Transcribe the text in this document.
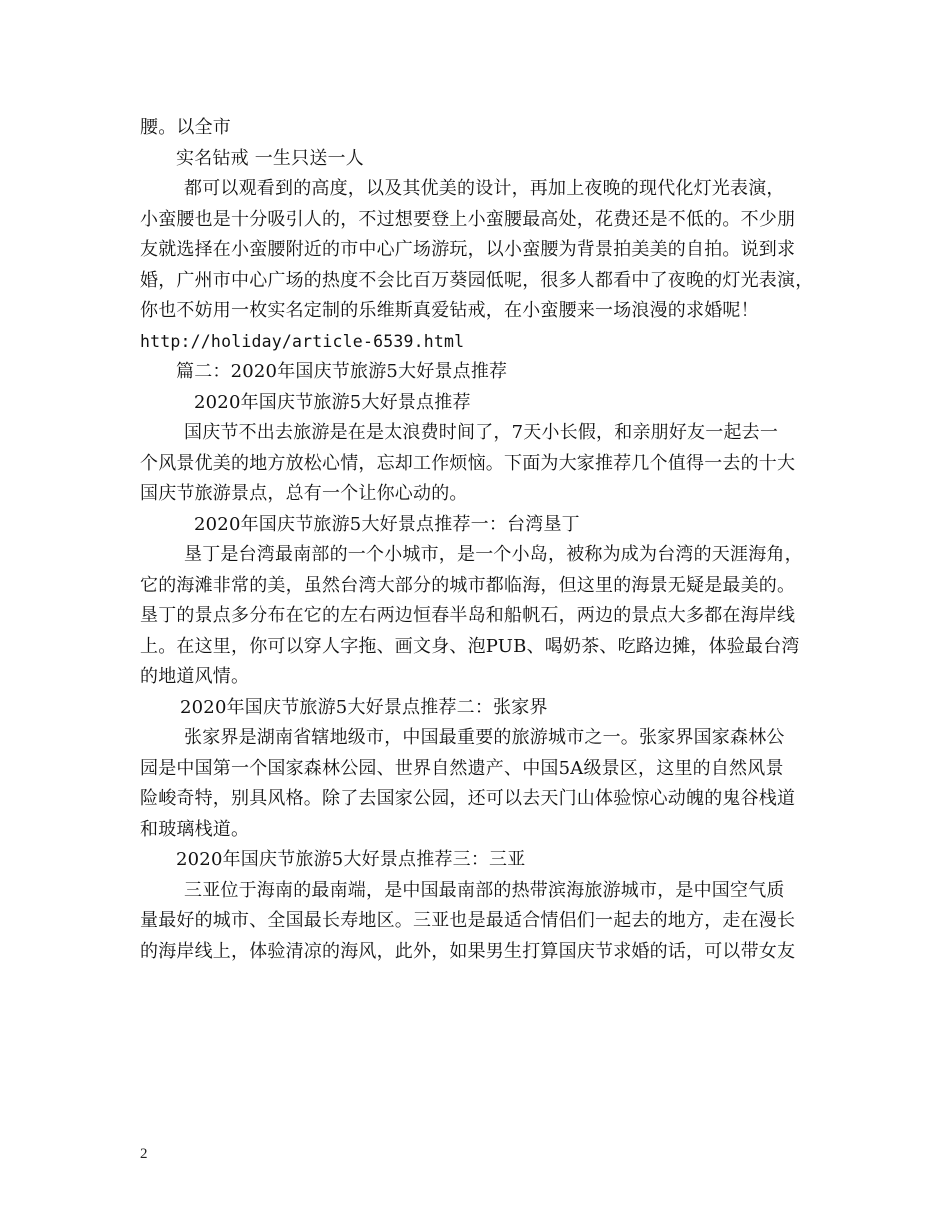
腰。以全市
实名钻戒 一生只送一人
都可以观看到的高度，以及其优美的设计，再加上夜晚的现代化灯光表演，
小蛮腰也是十分吸引人的，不过想要登上小蛮腰最高处，花费还是不低的。不少朋
友就选择在小蛮腰附近的市中心广场游玩，以小蛮腰为背景拍美美的自拍。说到求
婚，广州市中心广场的热度不会比百万葵园低呢，很多人都看中了夜晚的灯光表演，
你也不妨用一枚实名定制的乐维斯真爱钻戒，在小蛮腰来一场浪漫的求婚呢！
http://holiday/article-6539.html
篇二：2020年国庆节旅游5大好景点推荐
2020年国庆节旅游5大好景点推荐
国庆节不出去旅游是在是太浪费时间了，7天小长假，和亲朋好友一起去一
个风景优美的地方放松心情，忘却工作烦恼。下面为大家推荐几个值得一去的十大
国庆节旅游景点，总有一个让你心动的。
2020年国庆节旅游5大好景点推荐一：台湾垦丁
垦丁是台湾最南部的一个小城市，是一个小岛，被称为成为台湾的天涯海角，
它的海滩非常的美，虽然台湾大部分的城市都临海，但这里的海景无疑是最美的。
垦丁的景点多分布在它的左右两边恒春半岛和船帆石，两边的景点大多都在海岸线
上。在这里，你可以穿人字拖、画文身、泡PUB、喝奶茶、吃路边摊，体验最台湾
的地道风情。
2020年国庆节旅游5大好景点推荐二：张家界
张家界是湖南省辖地级市，中国最重要的旅游城市之一。张家界国家森林公
园是中国第一个国家森林公园、世界自然遗产、中国5A级景区，这里的自然风景
险峻奇特，别具风格。除了去国家公园，还可以去天门山体验惊心动魄的鬼谷栈道
和玻璃栈道。
2020年国庆节旅游5大好景点推荐三：三亚
三亚位于海南的最南端，是中国最南部的热带滨海旅游城市，是中国空气质
量最好的城市、全国最长寿地区。三亚也是最适合情侣们一起去的地方，走在漫长
的海岸线上，体验清凉的海风，此外，如果男生打算国庆节求婚的话，可以带女友
2
